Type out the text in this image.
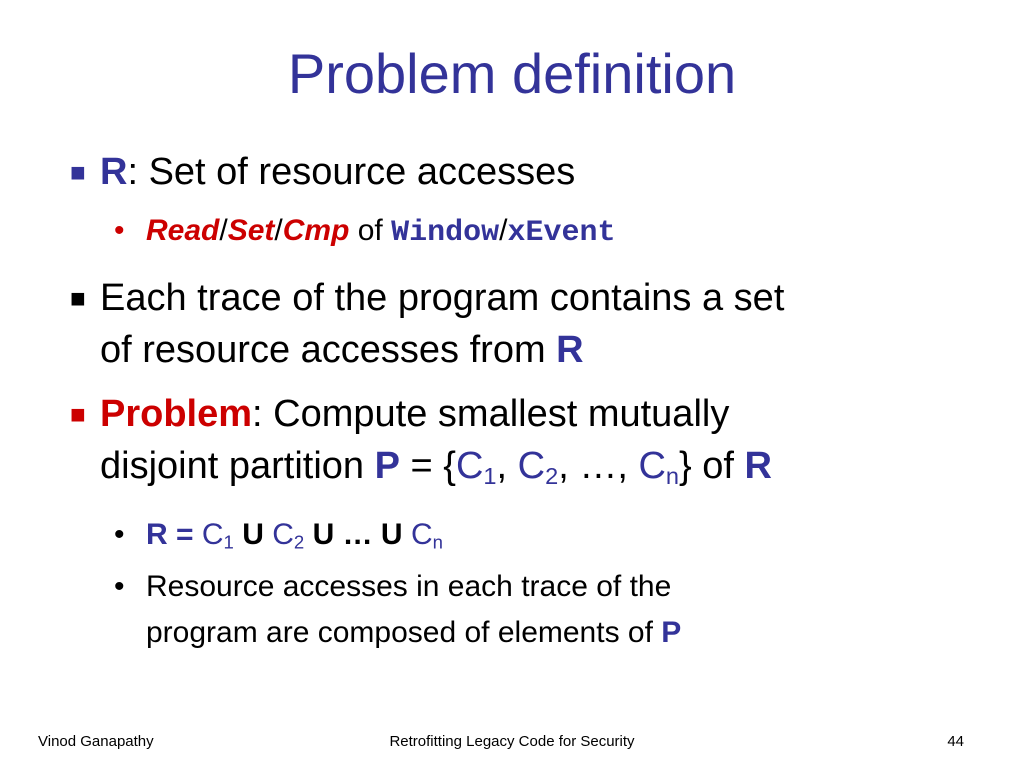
Problem definition
■ R: Set of resource accesses
• Read/Set/Cmp of Window/xEvent
■ Each trace of the program contains a set
of resource accesses from R
■ Problem: Compute smallest mutually
disjoint partition $P = \{C_1$, $C_2$, …, $C_n$} of R
• $R = C_1$ U $C_2$ U … U $C_n$
• Resource accesses in each trace of the
program are composed of elements of P
Vinod Ganapathy	Retrofitting Legacy Code for Security	44
